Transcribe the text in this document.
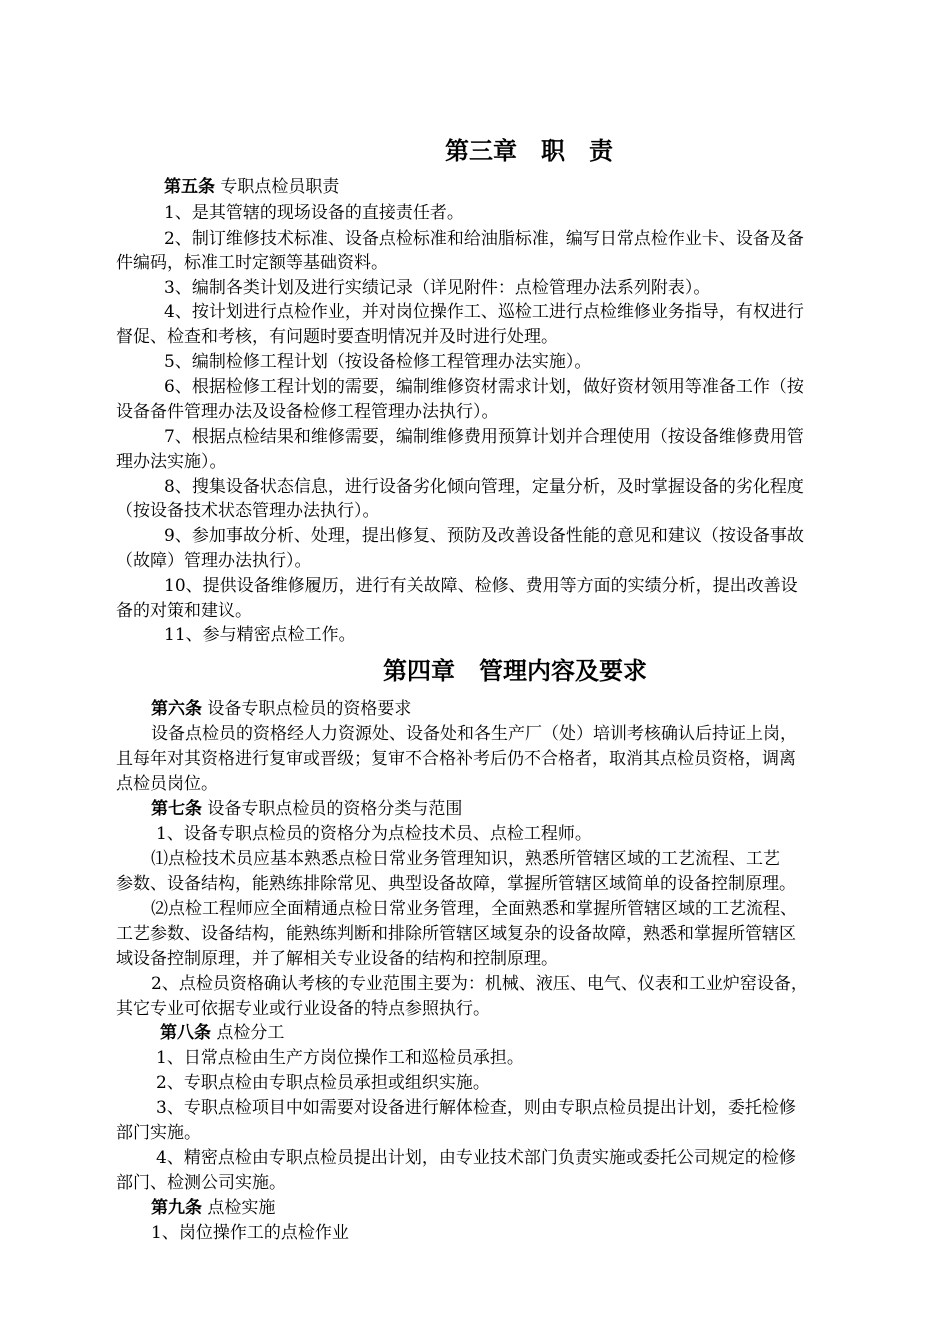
第三章　职　责
第五条 专职点检员职责
1、是其管辖的现场设备的直接责任者。
2、制订维修技术标准、设备点检标准和给油脂标准，编写日常点检作业卡、设备及备
件编码，标准工时定额等基础资料。
3、编制各类计划及进行实绩记录（详见附件：点检管理办法系列附表）。
4、按计划进行点检作业，并对岗位操作工、巡检工进行点检维修业务指导，有权进行
督促、检查和考核，有问题时要查明情况并及时进行处理。
5、编制检修工程计划（按设备检修工程管理办法实施）。
6、根据检修工程计划的需要，编制维修资材需求计划，做好资材领用等准备工作（按
设备备件管理办法及设备检修工程管理办法执行）。
7、根据点检结果和维修需要，编制维修费用预算计划并合理使用（按设备维修费用管
理办法实施）。
8、搜集设备状态信息，进行设备劣化倾向管理，定量分析，及时掌握设备的劣化程度
（按设备技术状态管理办法执行）。
9、参加事故分析、处理，提出修复、预防及改善设备性能的意见和建议（按设备事故
（故障）管理办法执行）。
10、提供设备维修履历，进行有关故障、检修、费用等方面的实绩分析，提出改善设
备的对策和建议。
11、参与精密点检工作。
第四章　管理内容及要求
第六条 设备专职点检员的资格要求
设备点检员的资格经人力资源处、设备处和各生产厂（处）培训考核确认后持证上岗，
且每年对其资格进行复审或晋级；复审不合格补考后仍不合格者，取消其点检员资格，调离
点检员岗位。
第七条 设备专职点检员的资格分类与范围
1、设备专职点检员的资格分为点检技术员、点检工程师。
⑴点检技术员应基本熟悉点检日常业务管理知识，熟悉所管辖区域的工艺流程、工艺
参数、设备结构，能熟练排除常见、典型设备故障，掌握所管辖区域简单的设备控制原理。
⑵点检工程师应全面精通点检日常业务管理，全面熟悉和掌握所管辖区域的工艺流程、
工艺参数、设备结构，能熟练判断和排除所管辖区域复杂的设备故障，熟悉和掌握所管辖区
域设备控制原理，并了解相关专业设备的结构和控制原理。
2、点检员资格确认考核的专业范围主要为：机械、液压、电气、仪表和工业炉窑设备，
其它专业可依据专业或行业设备的特点参照执行。
第八条 点检分工
1、日常点检由生产方岗位操作工和巡检员承担。
2、专职点检由专职点检员承担或组织实施。
3、专职点检项目中如需要对设备进行解体检查，则由专职点检员提出计划，委托检修
部门实施。
4、精密点检由专职点检员提出计划，由专业技术部门负责实施或委托公司规定的检修
部门、检测公司实施。
第九条 点检实施
1、岗位操作工的点检作业
